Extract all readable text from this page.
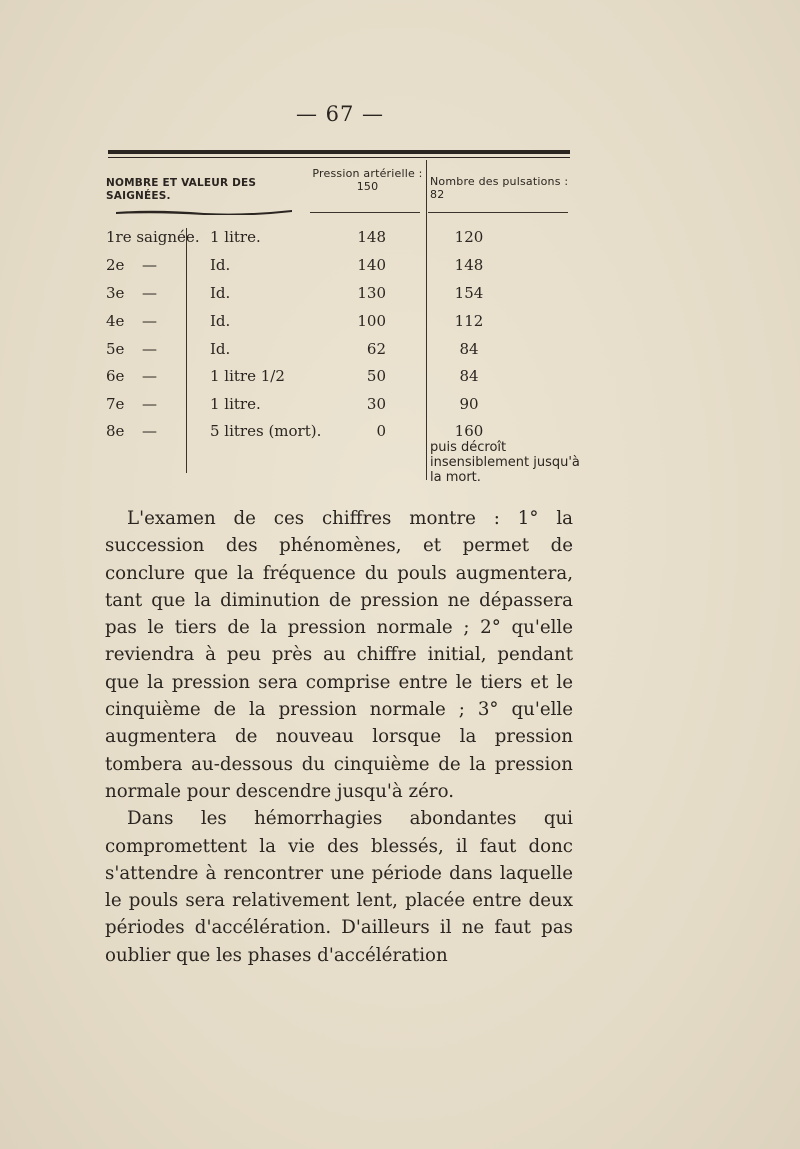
— 67 —
NOMBRE ET VALEUR DES SAIGNÉES.
Pression artérielle : 150	Nombre des pulsations : 82
1re saignée. 1 litre.	148	120
2e —	Id.	140	148
3e —	Id.	130	154
4e —	Id.	100	112
5e —	Id.	62	84
6e —	1 litre 1/2	50	84
7e —	1 litre.	30	90
8e —	5 litres (mort).	0	160
puis décroît insensiblement jusqu'à la mort.

L'examen de ces chiffres montre : 1° la succession des phénomènes, et permet de conclure que la fréquence du pouls augmentera, tant que la diminution de pression ne dépassera pas le tiers de la pression normale ; 2° qu'elle reviendra à peu près au chiffre initial, pendant que la pression sera comprise entre le tiers et le cinquième de la pression normale ; 3° qu'elle augmentera de nouveau lorsque la pression tombera au-dessous du cinquième de la pression normale pour descendre jusqu'à zéro.

Dans les hémorrhagies abondantes qui compromettent la vie des blessés, il faut donc s'attendre à rencontrer une période dans laquelle le pouls sera relativement lent, placée entre deux périodes d'accélération. D'ailleurs il ne faut pas oublier que les phases d'accélération
